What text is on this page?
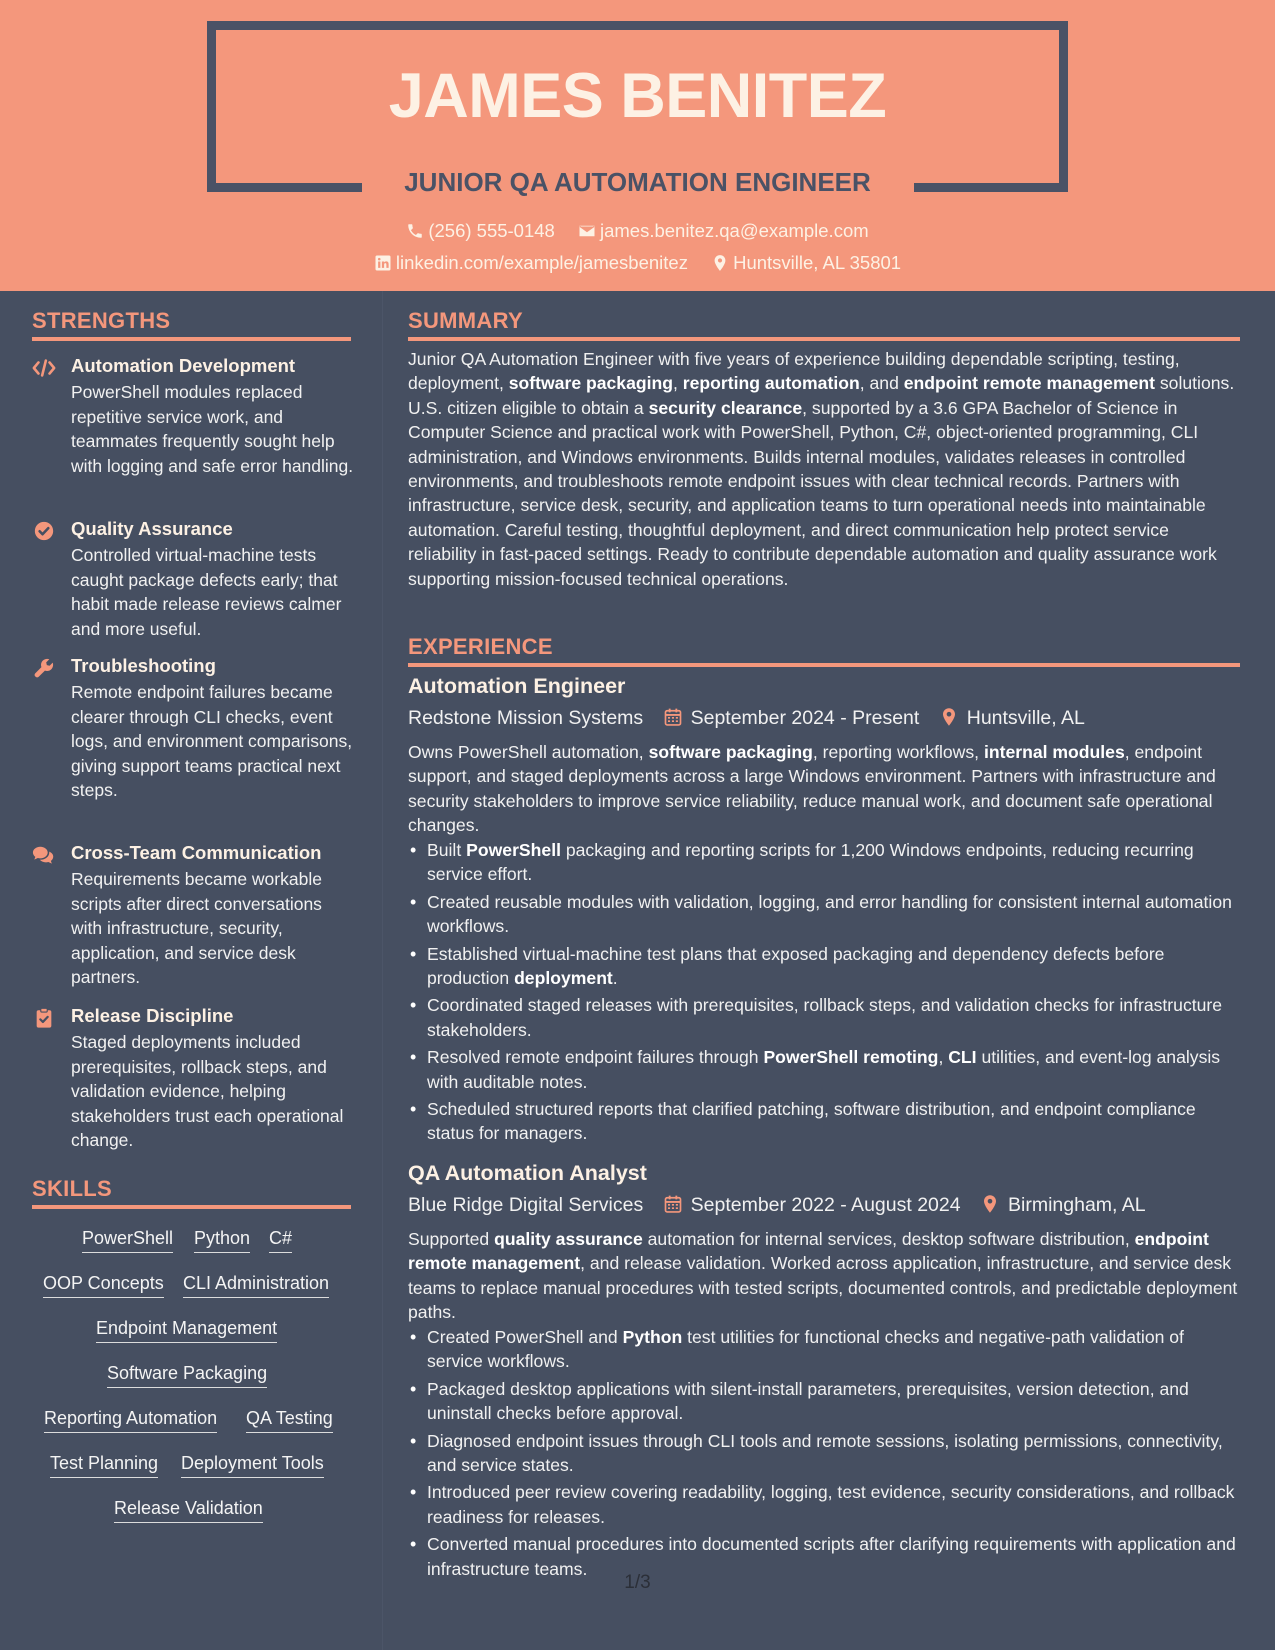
JAMES BENITEZ
JUNIOR QA AUTOMATION ENGINEER
(256) 555-0148 james.benitez.qa@example.com
linkedin.com/example/jamesbenitez Huntsville, AL 35801
STRENGTHS
Automation Development
PowerShell modules replaced repetitive service work, and teammates frequently sought help with logging and safe error handling.
Quality Assurance
Controlled virtual-machine tests caught package defects early; that habit made release reviews calmer and more useful.
Troubleshooting
Remote endpoint failures became clearer through CLI checks, event logs, and environment comparisons, giving support teams practical next steps.
Cross-Team Communication
Requirements became workable scripts after direct conversations with infrastructure, security, application, and service desk partners.
Release Discipline
Staged deployments included prerequisites, rollback steps, and validation evidence, helping stakeholders trust each operational change.
SKILLS
PowerShell Python C#
OOP Concepts CLI Administration
Endpoint Management
Software Packaging
Reporting Automation QA Testing
Test Planning Deployment Tools
Release Validation
SUMMARY
Junior QA Automation Engineer with five years of experience building dependable scripting, testing, deployment, software packaging, reporting automation, and endpoint remote management solutions. U.S. citizen eligible to obtain a security clearance, supported by a 3.6 GPA Bachelor of Science in Computer Science and practical work with PowerShell, Python, C#, object-oriented programming, CLI administration, and Windows environments. Builds internal modules, validates releases in controlled environments, and troubleshoots remote endpoint issues with clear technical records. Partners with infrastructure, service desk, security, and application teams to turn operational needs into maintainable automation. Careful testing, thoughtful deployment, and direct communication help protect service reliability in fast-paced settings. Ready to contribute dependable automation and quality assurance work supporting mission-focused technical operations.
EXPERIENCE
Automation Engineer
Redstone Mission Systems September 2024 - Present Huntsville, AL
Owns PowerShell automation, software packaging, reporting workflows, internal modules, endpoint support, and staged deployments across a large Windows environment. Partners with infrastructure and security stakeholders to improve service reliability, reduce manual work, and document safe operational changes.
• Built PowerShell packaging and reporting scripts for 1,200 Windows endpoints, reducing recurring service effort.
• Created reusable modules with validation, logging, and error handling for consistent internal automation workflows.
• Established virtual-machine test plans that exposed packaging and dependency defects before production deployment.
• Coordinated staged releases with prerequisites, rollback steps, and validation checks for infrastructure stakeholders.
• Resolved remote endpoint failures through PowerShell remoting, CLI utilities, and event-log analysis with auditable notes.
• Scheduled structured reports that clarified patching, software distribution, and endpoint compliance status for managers.
QA Automation Analyst
Blue Ridge Digital Services September 2022 - August 2024 Birmingham, AL
Supported quality assurance automation for internal services, desktop software distribution, endpoint remote management, and release validation. Worked across application, infrastructure, and service desk teams to replace manual procedures with tested scripts, documented controls, and predictable deployment paths.
• Created PowerShell and Python test utilities for functional checks and negative-path validation of service workflows.
• Packaged desktop applications with silent-install parameters, prerequisites, version detection, and uninstall checks before approval.
• Diagnosed endpoint issues through CLI tools and remote sessions, isolating permissions, connectivity, and service states.
• Introduced peer review covering readability, logging, test evidence, security considerations, and rollback readiness for releases.
• Converted manual procedures into documented scripts after clarifying requirements with application and infrastructure teams.
1/3
